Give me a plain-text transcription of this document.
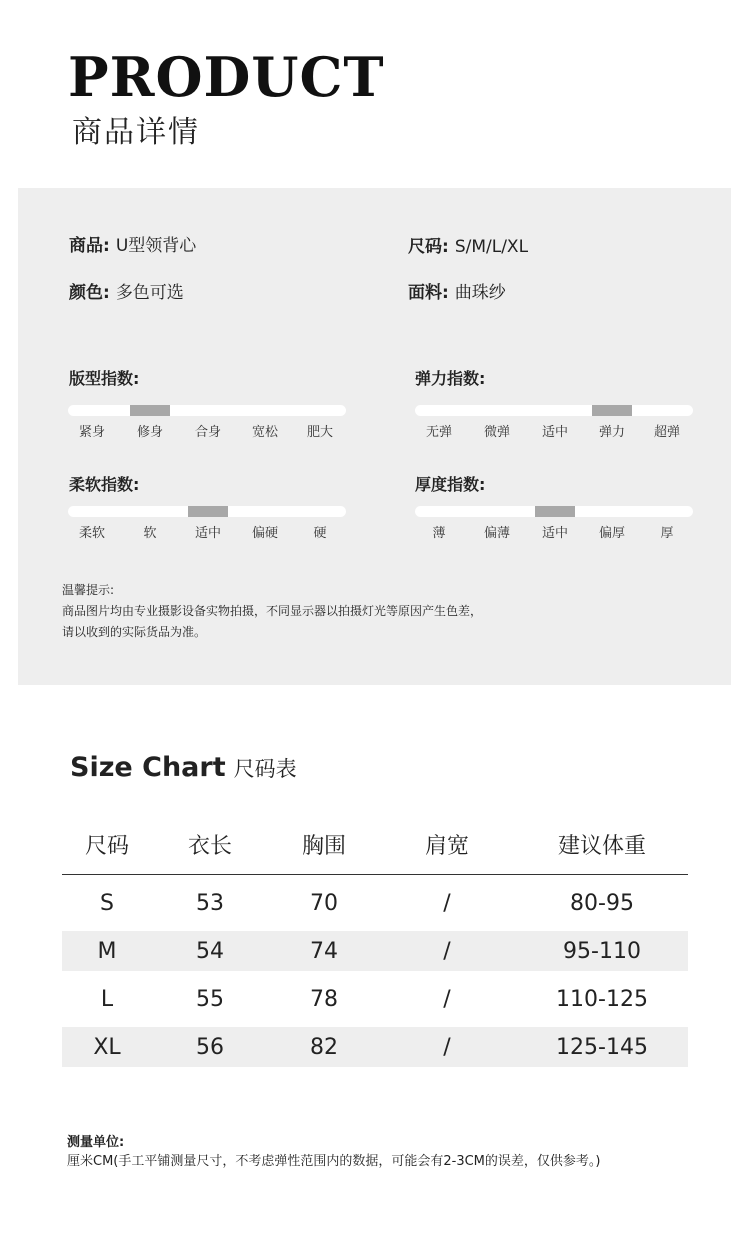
PRODUCT
商品详情
商品: U型领背心	尺码: S/M/L/XL
颜色: 多色可选	面料: 曲珠纱
版型指数:
紧身	修身	合身	宽松	肥大
弹力指数:
无弹	微弹	适中	弹力	超弹
柔软指数:
柔软	软	适中	偏硬	硬
厚度指数:
薄	偏薄	适中	偏厚	厚
温馨提示:
商品图片均由专业摄影设备实物拍摄，不同显示器以拍摄灯光等原因产生色差，
请以收到的实际货品为准。
Size Chart 尺码表
尺码	衣长	胸围	肩宽	建议体重
S	53	70	/	80-95
M	54	74	/	95-110
L	55	78	/	110-125
XL	56	82	/	125-145
测量单位:
厘米CM(手工平铺测量尺寸，不考虑弹性范围内的数据，可能会有2-3CM的误差，仅供参考。)
